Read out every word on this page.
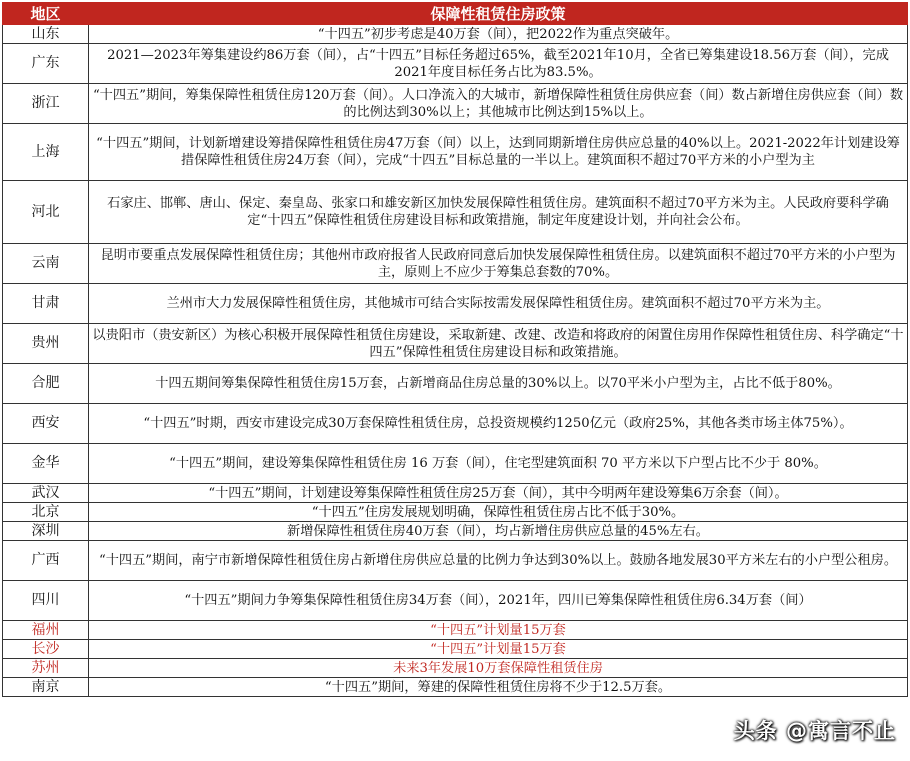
地区	保障性租赁住房政策
山东	“十四五”初步考虑是40万套（间），把2022作为重点突破年。
广东	2021—2023年筹集建设约86万套（间），占“十四五”目标任务超过65%，截至2021年10月，全省已筹集建设18.56万套（间），完成2021年度目标任务占比为83.5%。
浙江	“十四五”期间，筹集保障性租赁住房120万套（间）。人口净流入的大城市，新增保障性租赁住房供应套（间）数占新增住房供应套（间）数的比例达到30%以上；其他城市比例达到15%以上。
上海	“十四五”期间，计划新增建设筹措保障性租赁住房47万套（间）以上，达到同期新增住房供应总量的40%以上。2021-2022年计划建设筹措保障性租赁住房24万套（间），完成“十四五”目标总量的一半以上。建筑面积不超过70平方米的小户型为主
河北	石家庄、邯郸、唐山、保定、秦皇岛、张家口和雄安新区加快发展保障性租赁住房。建筑面积不超过70平方米为主。人民政府要科学确定“十四五”保障性租赁住房建设目标和政策措施，制定年度建设计划，并向社会公布。
云南	昆明市要重点发展保障性租赁住房；其他州市政府报省人民政府同意后加快发展保障性租赁住房。以建筑面积不超过70平方米的小户型为主，原则上不应少于筹集总套数的70%。
甘肃	兰州市大力发展保障性租赁住房，其他城市可结合实际按需发展保障性租赁住房。建筑面积不超过70平方米为主。
贵州	以贵阳市（贵安新区）为核心积极开展保障性租赁住房建设，采取新建、改建、改造和将政府的闲置住房用作保障性租赁住房、科学确定“十四五”保障性租赁住房建设目标和政策措施。
合肥	十四五期间筹集保障性租赁住房15万套，占新增商品住房总量的30%以上。以70平米小户型为主，占比不低于80%。
西安	“十四五”时期，西安市建设完成30万套保障性租赁住房，总投资规模约1250亿元（政府25%，其他各类市场主体75%）。
金华	“十四五”期间，建设筹集保障性租赁住房 16 万套（间），住宅型建筑面积 70 平方米以下户型占比不少于 80%。
武汉	“十四五”期间，计划建设筹集保障性租赁住房25万套（间），其中今明两年建设筹集6万余套（间）。
北京	“十四五”住房发展规划明确，保障性租赁住房占比不低于30%。
深圳	新增保障性租赁住房40万套（间），均占新增住房供应总量的45%左右。
广西	“十四五”期间，南宁市新增保障性租赁住房占新增住房供应总量的比例力争达到30%以上。鼓励各地发展30平方米左右的小户型公租房。
四川	“十四五”期间力争筹集保障性租赁住房34万套（间），2021年，四川已筹集保障性租赁住房6.34万套（间）
福州	“十四五”计划量15万套
长沙	“十四五”计划量15万套
苏州	未来3年发展10万套保障性租赁住房
南京	“十四五”期间，筹建的保障性租赁住房将不少于12.5万套。
头条 @寓言不止
